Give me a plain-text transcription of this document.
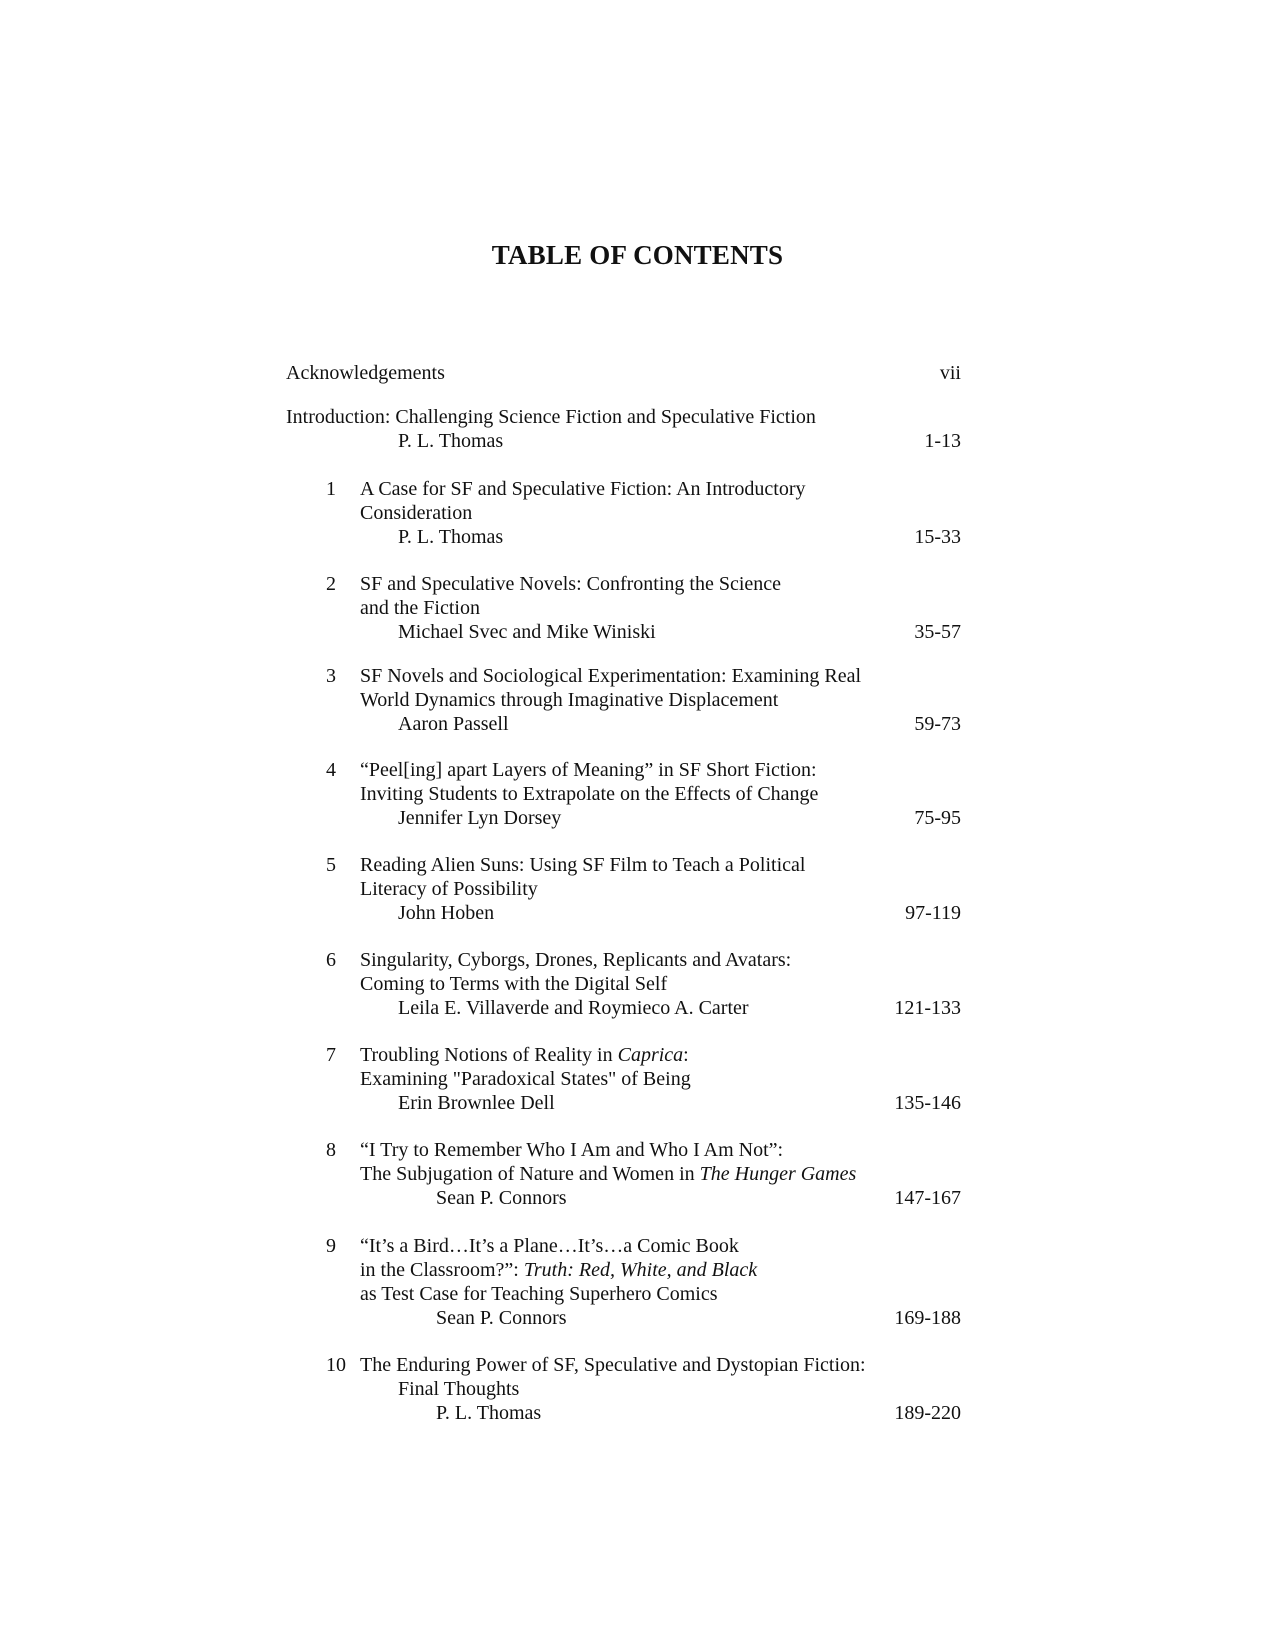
TABLE OF CONTENTS
Acknowledgements	vii
Introduction: Challenging Science Fiction and Speculative Fiction
P. L. Thomas	1-13
1 A Case for SF and Speculative Fiction: An Introductory
Consideration
P. L. Thomas	15-33
2 SF and Speculative Novels: Confronting the Science
and the Fiction
Michael Svec and Mike Winiski	35-57
3 SF Novels and Sociological Experimentation: Examining Real
World Dynamics through Imaginative Displacement
Aaron Passell	59-73
4 “Peel[ing] apart Layers of Meaning” in SF Short Fiction:
Inviting Students to Extrapolate on the Effects of Change
Jennifer Lyn Dorsey	75-95
5 Reading Alien Suns: Using SF Film to Teach a Political
Literacy of Possibility
John Hoben	97-119
6 Singularity, Cyborgs, Drones, Replicants and Avatars:
Coming to Terms with the Digital Self
Leila E. Villaverde and Roymieco A. Carter	121-133
7 Troubling Notions of Reality in Caprica:
Examining "Paradoxical States" of Being
Erin Brownlee Dell	135-146
8 “I Try to Remember Who I Am and Who I Am Not”:
The Subjugation of Nature and Women in The Hunger Games
Sean P. Connors	147-167
9 “It’s a Bird…It’s a Plane…It’s…a Comic Book
in the Classroom?”: Truth: Red, White, and Black
as Test Case for Teaching Superhero Comics
Sean P. Connors	169-188
10 The Enduring Power of SF, Speculative and Dystopian Fiction:
Final Thoughts
P. L. Thomas	189-220
